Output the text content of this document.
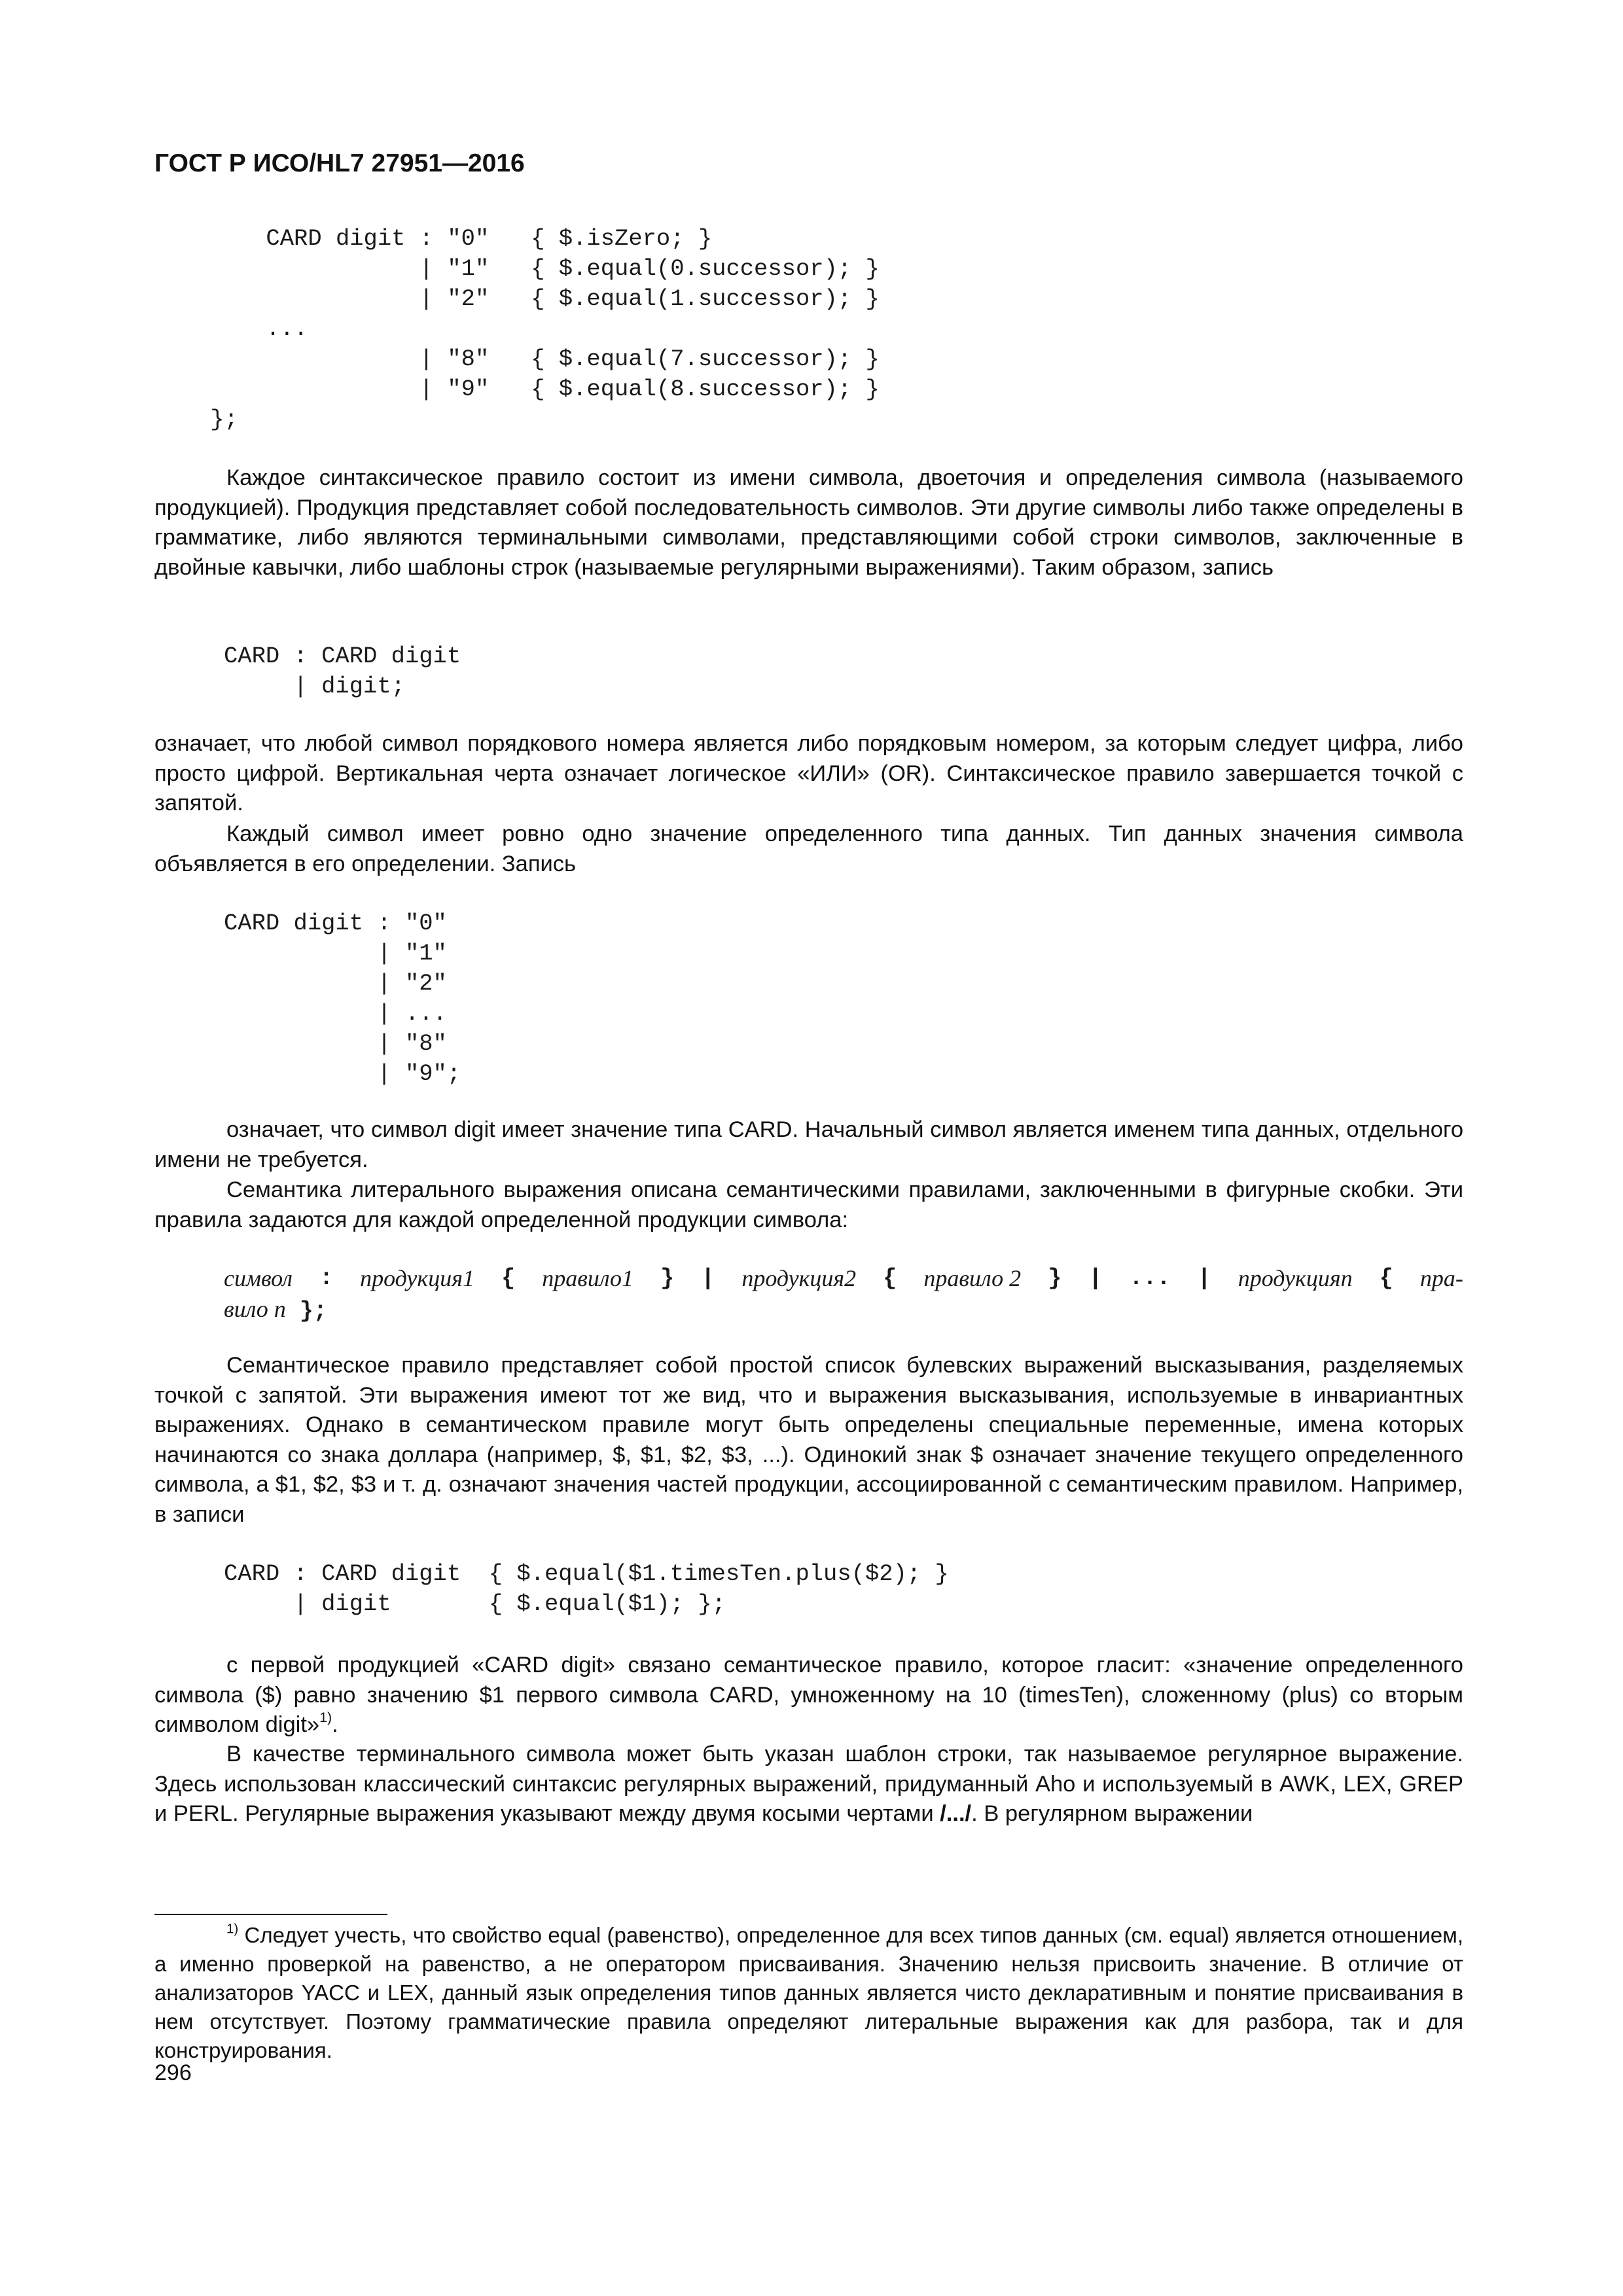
ГОСТ Р ИСО/HL7 27951—2016
CARD digit : "0"   { $.isZero; }
| "1"   { $.equal(0.successor); }
| "2"   { $.equal(1.successor); }
...
| "8"   { $.equal(7.successor); }
| "9"   { $.equal(8.successor); }
};

Каждое синтаксическое правило состоит из имени символа, двоеточия и определения символа (называемого продукцией). Продукция представляет собой последовательность символов. Эти другие символы либо также определены в грамматике, либо являются терминальными символами, представляющими собой строки символов, заключенные в двойные кавычки, либо шаблоны строк (называемые регулярными выражениями). Таким образом, запись

CARD : CARD digit
| digit;

означает, что любой символ порядкового номера является либо порядковым номером, за которым следует цифра, либо просто цифрой. Вертикальная черта означает логическое «ИЛИ» (OR). Синтаксическое правило завершается точкой с запятой.

Каждый символ имеет ровно одно значение определенного типа данных. Тип данных значения символа объявляется в его определении. Запись

CARD digit : "0"
| "1"
| "2"
| ...
| "8"
| "9";

означает, что символ digit имеет значение типа CARD. Начальный символ является именем типа данных, отдельного имени не требуется.

Семантика литерального выражения описана семантическими правилами, заключенными в фигурные скобки. Эти правила задаются для каждой определенной продукции символа:

символ : продукция1 { правило1 } | продукция2 { правило 2 } | ... | продукцияn { пра-
вило n };

Семантическое правило представляет собой простой список булевских выражений высказывания, разделяемых точкой с запятой. Эти выражения имеют тот же вид, что и выражения высказывания, используемые в инвариантных выражениях. Однако в семантическом правиле могут быть определены специальные переменные, имена которых начинаются со знака доллара (например, $, $1, $2, $3, ...). Одинокий знак $ означает значение текущего определенного символа, а $1, $2, $3 и т. д. означают значения частей продукции, ассоциированной с семантическим правилом. Например, в записи

CARD : CARD digit  { $.equal($1.timesTen.plus($2); }
| digit       { $.equal($1); };

с первой продукцией «CARD digit» связано семантическое правило, которое гласит: «значение определенного символа ($) равно значению $1 первого символа CARD, умноженному на 10 (timesTen), сложенному (plus) со вторым символом digit»$^{1)}$.

В качестве терминального символа может быть указан шаблон строки, так называемое регулярное выражение. Здесь использован классический синтаксис регулярных выражений, придуманный Aho и используемый в AWK, LEX, GREP и PERL. Регулярные выражения указывают между двумя косыми чертами /.../. В регулярном выражении

$^{1)}$ Следует учесть, что свойство equal (равенство), определенное для всех типов данных (см. equal) является отношением, а именно проверкой на равенство, а не оператором присваивания. Значению нельзя присвоить значение. В отличие от анализаторов YACC и LEX, данный язык определения типов данных является чисто декларативным и понятие присваивания в нем отсутствует. Поэтому грамматические правила определяют литеральные выражения как для разбора, так и для конструирования.

296
